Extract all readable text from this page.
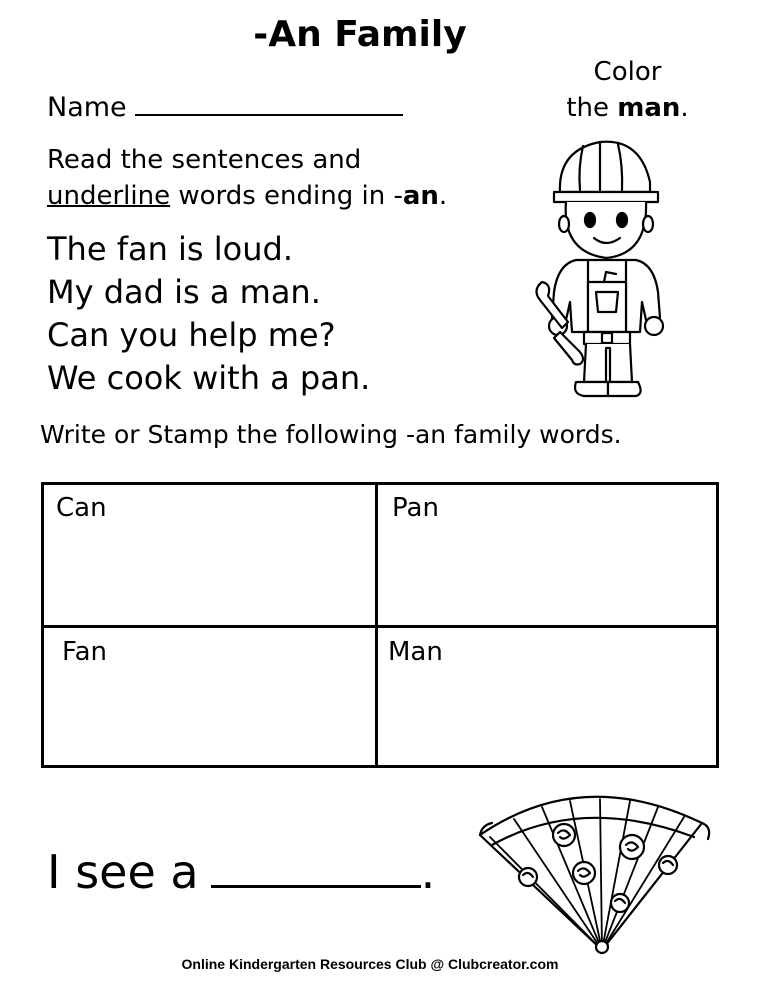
-An Family
Color
the man.
Name
Read the sentences and
underline words ending in -an.
The fan is loud.
My dad is a man.
Can you help me?
We cook with a pan.
Write or Stamp the following -an family words.
Can	Pan
Fan	Man
I see a	.
Online Kindergarten Resources Club @ Clubcreator.com
